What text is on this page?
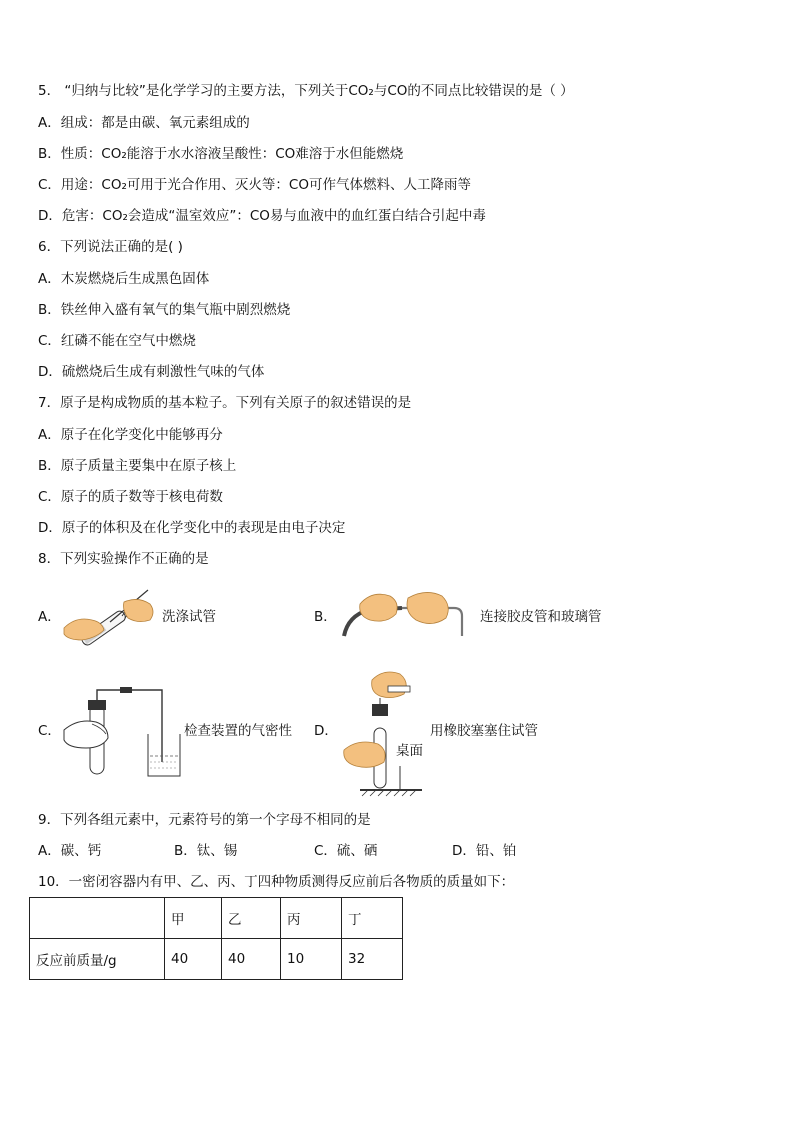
5． “归纳与比较”是化学学习的主要方法，下列关于CO₂与CO的不同点比较错误的是（ ）
A．组成：都是由碳、氧元素组成的
B．性质：CO₂能溶于水水溶液呈酸性：CO难溶于水但能燃烧
C．用途：CO₂可用于光合作用、灭火等：CO可作气体燃料、人工降雨等
D．危害：CO₂会造成“温室效应”：CO易与血液中的血红蛋白结合引起中毒
6．下列说法正确的是( )
A．木炭燃烧后生成黑色固体
B．铁丝伸入盛有氧气的集气瓶中剧烈燃烧
C．红磷不能在空气中燃烧
D．硫燃烧后生成有刺激性气味的气体
7．原子是构成物质的基本粒子。下列有关原子的叙述错误的是
A．原子在化学变化中能够再分
B．原子质量主要集中在原子核上
C．原子的质子数等于核电荷数
D．原子的体积及在化学变化中的表现是由电子决定
8．下列实验操作不正确的是
A．	洗涤试管	B．	连接胶皮管和玻璃管
C．	检查装置的气密性 D．	用橡胶塞塞住试管
桌面
9．下列各组元素中，元素符号的第一个字母不相同的是
A．碳、钙	B．钛、锡	C．硫、硒	D．铅、铂
10．一密闭容器内有甲、乙、丙、丁四种物质测得反应前后各物质的质量如下：
	甲	乙	丙	丁
反应前质量/g	40	40	10	32
